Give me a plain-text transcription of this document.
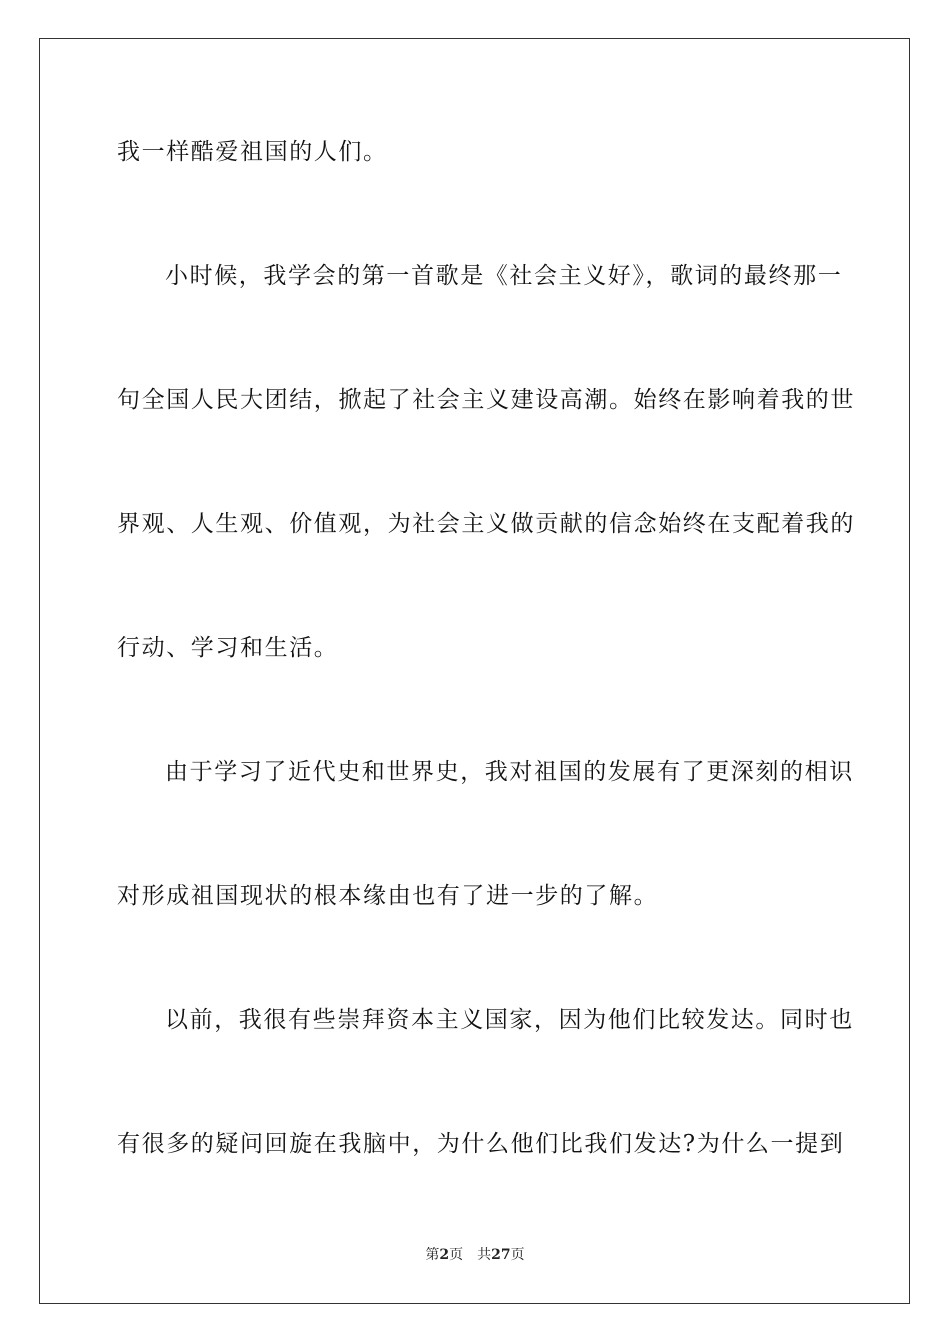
我一样酷爱祖国的人们。
小时候，我学会的第一首歌是《社会主义好》，歌词的最终那一
句全国人民大团结，掀起了社会主义建设高潮。始终在影响着我的世
界观、人生观、价值观，为社会主义做贡献的信念始终在支配着我的
行动、学习和生活。
由于学习了近代史和世界史，我对祖国的发展有了更深刻的相识
对形成祖国现状的根本缘由也有了进一步的了解。
以前，我很有些崇拜资本主义国家，因为他们比较发达。同时也
有很多的疑问回旋在我脑中，为什么他们比我们发达?为什么一提到
第2页 共27页
